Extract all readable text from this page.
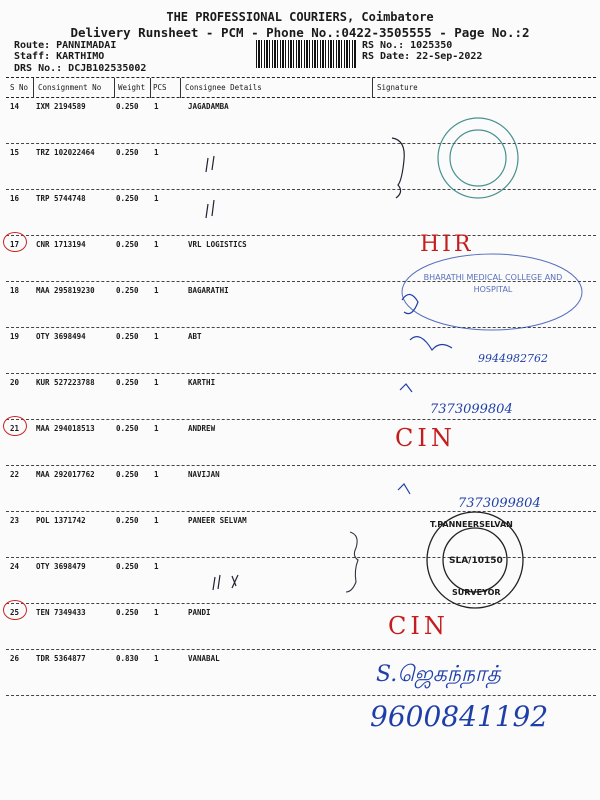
THE PROFESSIONAL COURIERS, Coimbatore
Delivery Runsheet - PCM - Phone No.:0422-3505555 - Page No.:2
Route: PANNIMADAI
Staff: KARTHIMO
DRS No.: DCJB102535002
RS No.: 1025350
RS Date: 22-Sep-2022
S No Consignment No Weight PCS Consignee Details	Signature
14 IXM 2194589	0.250 1	JAGADAMBA
15 TRZ 102022464	0.250 1
16 TRP 5744748	0.250 1
17 CNR 1713194	0.250 1	VRL LOGISTICS
18 MAA 295819230	0.250 1	BAGARATHI
19 OTY 3698494	0.250 1	ABT
20 KUR 527223788	0.250 1	KARTHI
21 MAA 294018513	0.250 1	ANDREW
22 MAA 292017762	0.250 1	NAVIJAN
23 POL 1371742	0.250 1	PANEER SELVAM
24 OTY 3698479	0.250 1
25 TEN 7349433	0.250 1	PANDI
26 TDR 5364877	0.830 1	VANABAL
BHARATHI MEDICAL COLLEGE AND HOSPITAL
T.PANNEERSELVAN
SLA/10150
SURVEYOR
HIR
9944982762
7373099804
CIN
7373099804
CIN
S.ஜெகந்நாத்
9600841192
